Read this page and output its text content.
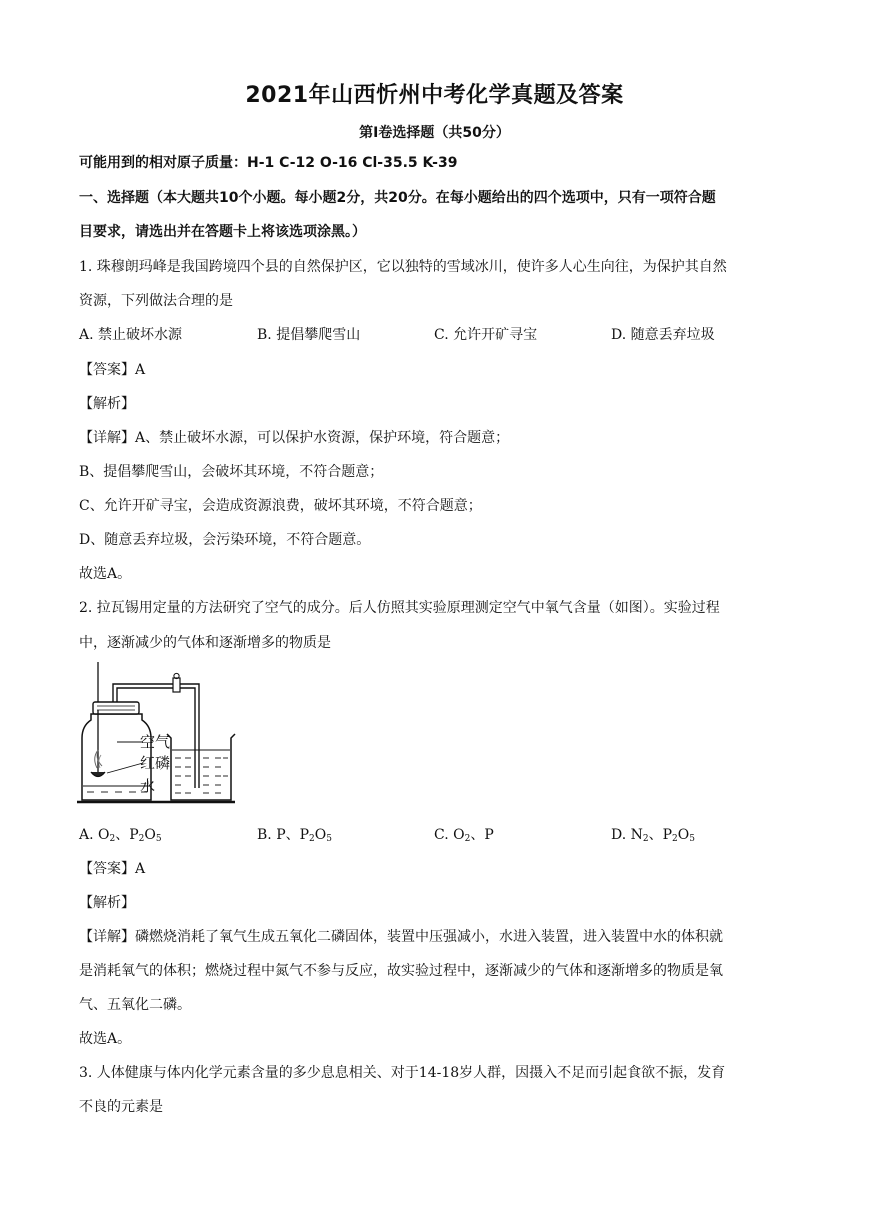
2021年山西忻州中考化学真题及答案
第I卷选择题（共50分）
可能用到的相对原子质量：H-1 C-12 O-16 Cl-35.5 K-39
一、选择题（本大题共10个小题。每小题2分，共20分。在每小题给出的四个选项中，只有一项符合题
目要求，请选出并在答题卡上将该选项涂黑。）
1. 珠穆朗玛峰是我国跨境四个县的自然保护区，它以独特的雪域冰川，使许多人心生向往，为保护其自然
资源，下列做法合理的是
A. 禁止破坏水源	B. 提倡攀爬雪山	C. 允许开矿寻宝	D. 随意丢弃垃圾
【答案】A
【解析】
【详解】A、禁止破坏水源，可以保护水资源，保护环境，符合题意；
B、提倡攀爬雪山，会破坏其环境，不符合题意；
C、允许开矿寻宝，会造成资源浪费，破坏其环境，不符合题意；
D、随意丢弃垃圾，会污染环境，不符合题意。
故选A。
2. 拉瓦锡用定量的方法研究了空气的成分。后人仿照其实验原理测定空气中氧气含量（如图）。实验过程
中，逐渐减少的气体和逐渐增多的物质是
空气
红磷
水
A. $O_2$、$P_2O_5$	B. P、$P_2O_5$	C. $O_2$、P	D. $N_2$、$P_2O_5$
【答案】A
【解析】
【详解】磷燃烧消耗了氧气生成五氧化二磷固体，装置中压强减小，水进入装置，进入装置中水的体积就
是消耗氧气的体积；燃烧过程中氮气不参与反应，故实验过程中，逐渐减少的气体和逐渐增多的物质是氧
气、五氧化二磷。
故选A。
3. 人体健康与体内化学元素含量的多少息息相关、对于14-18岁人群，因摄入不足而引起食欲不振，发育
不良的元素是
